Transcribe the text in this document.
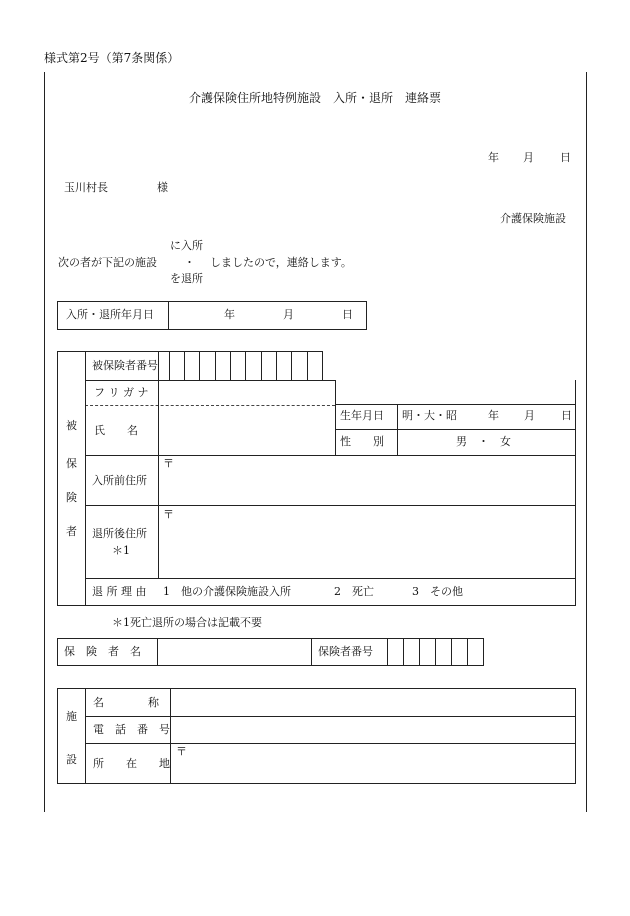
様式第2号（第7条関係）
介護保険住所地特例施設　入所・退所　連絡票
年 月 日
玉川村長	様
介護保険施設
に入所
次の者が下記の施設 ・ しましたので，連絡します。
を退所
入所・退所年月日	年	月	日
被
保
険
者
被保険者番号
フ リ ガ ナ
氏　　名
生年月日 明・大・昭	年 月 日
性　　別	男　・　女
入所前住所
〒
退所後住所
＊1
〒
退 所 理 由 1　他の介護保険施設入所	2　死亡	3　その他
＊1死亡退所の場合は記載不要
保　険　者　名	保険者番号
施
設
名　　　　称
電　話　番　号
所　　在　　地
〒
